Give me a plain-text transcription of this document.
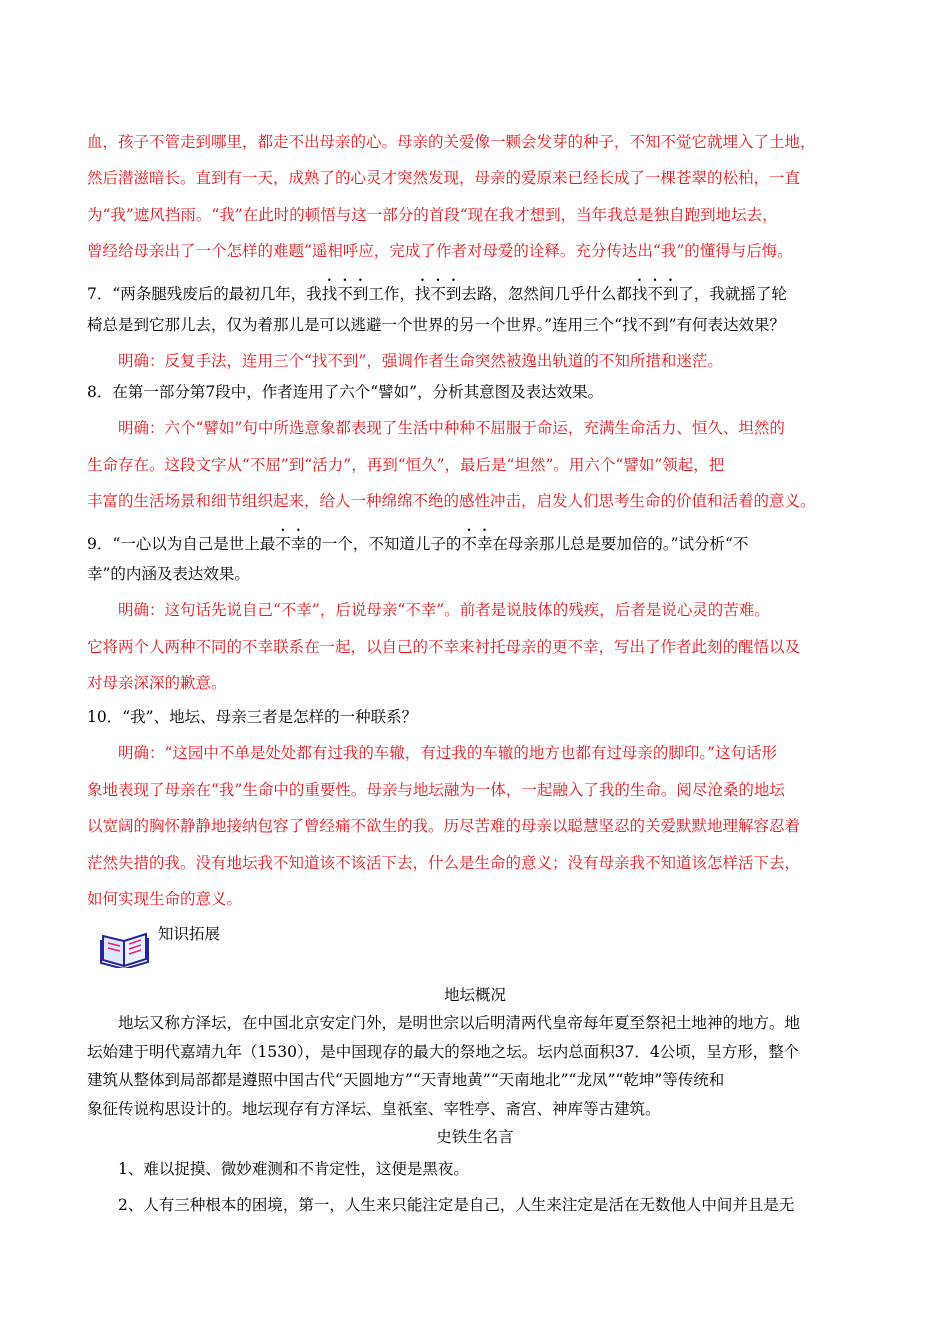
血，孩子不管走到哪里，都走不出母亲的心。母亲的关爱像一颗会发芽的种子，不知不觉它就埋入了土地，
然后潜滋暗长。直到有一天，成熟了的心灵才突然发现，母亲的爱原来已经长成了一棵苍翠的松柏，一直
为“我”遮风挡雨。“我”在此时的顿悟与这一部分的首段“现在我才想到，当年我总是独自跑到地坛去，
曾经给母亲出了一个怎样的难题”遥相呼应，完成了作者对母爱的诠释。充分传达出“我”的懂得与后悔。
7．“两条腿残废后的最初几年，我找不到工作，找不到去路，忽然间几乎什么都找不到了，我就摇了轮
椅总是到它那儿去，仅为着那儿是可以逃避一个世界的另一个世界。”连用三个“找不到”有何表达效果？
明确：反复手法，连用三个“找不到”，强调作者生命突然被逸出轨道的不知所措和迷茫。
8．在第一部分第7段中，作者连用了六个“譬如”，分析其意图及表达效果。
明确：六个“譬如”句中所选意象都表现了生活中种种不屈服于命运，充满生命活力、恒久、坦然的
生命存在。这段文字从“不屈”到“活力”，再到“恒久”，最后是“坦然”。用六个“譬如”领起，把
丰富的生活场景和细节组织起来，给人一种绵绵不绝的感性冲击，启发人们思考生命的价值和活着的意义。
9．“一心以为自己是世上最不幸的一个，不知道儿子的不幸在母亲那儿总是要加倍的。”试分析“不
幸”的内涵及表达效果。
明确：这句话先说自己“不幸”，后说母亲“不幸”。前者是说肢体的残疾，后者是说心灵的苦难。
它将两个人两种不同的不幸联系在一起，以自己的不幸来衬托母亲的更不幸，写出了作者此刻的醒悟以及
对母亲深深的歉意。
10．“我”、地坛、母亲三者是怎样的一种联系？
明确：“这园中不单是处处都有过我的车辙，有过我的车辙的地方也都有过母亲的脚印。”这句话形
象地表现了母亲在“我”生命中的重要性。母亲与地坛融为一体，一起融入了我的生命。阅尽沧桑的地坛
以宽阔的胸怀静静地接纳包容了曾经痛不欲生的我。历尽苦难的母亲以聪慧坚忍的关爱默默地理解容忍着
茫然失措的我。没有地坛我不知道该不该活下去，什么是生命的意义；没有母亲我不知道该怎样活下去，
如何实现生命的意义。
知识拓展
地坛概况
地坛又称方泽坛，在中国北京安定门外，是明世宗以后明清两代皇帝每年夏至祭祀土地神的地方。地
坛始建于明代嘉靖九年（1530），是中国现存的最大的祭地之坛。坛内总面积37．4公顷，呈方形，整个
建筑从整体到局部都是遵照中国古代“天圆地方”“天青地黄”“天南地北”“龙凤”“乾坤”等传统和
象征传说构思设计的。地坛现存有方泽坛、皇祇室、宰牲亭、斋宫、神库等古建筑。
史铁生名言
1、难以捉摸、微妙难测和不肯定性，这便是黑夜。
2、人有三种根本的困境，第一，人生来只能注定是自己，人生来注定是活在无数他人中间并且是无
